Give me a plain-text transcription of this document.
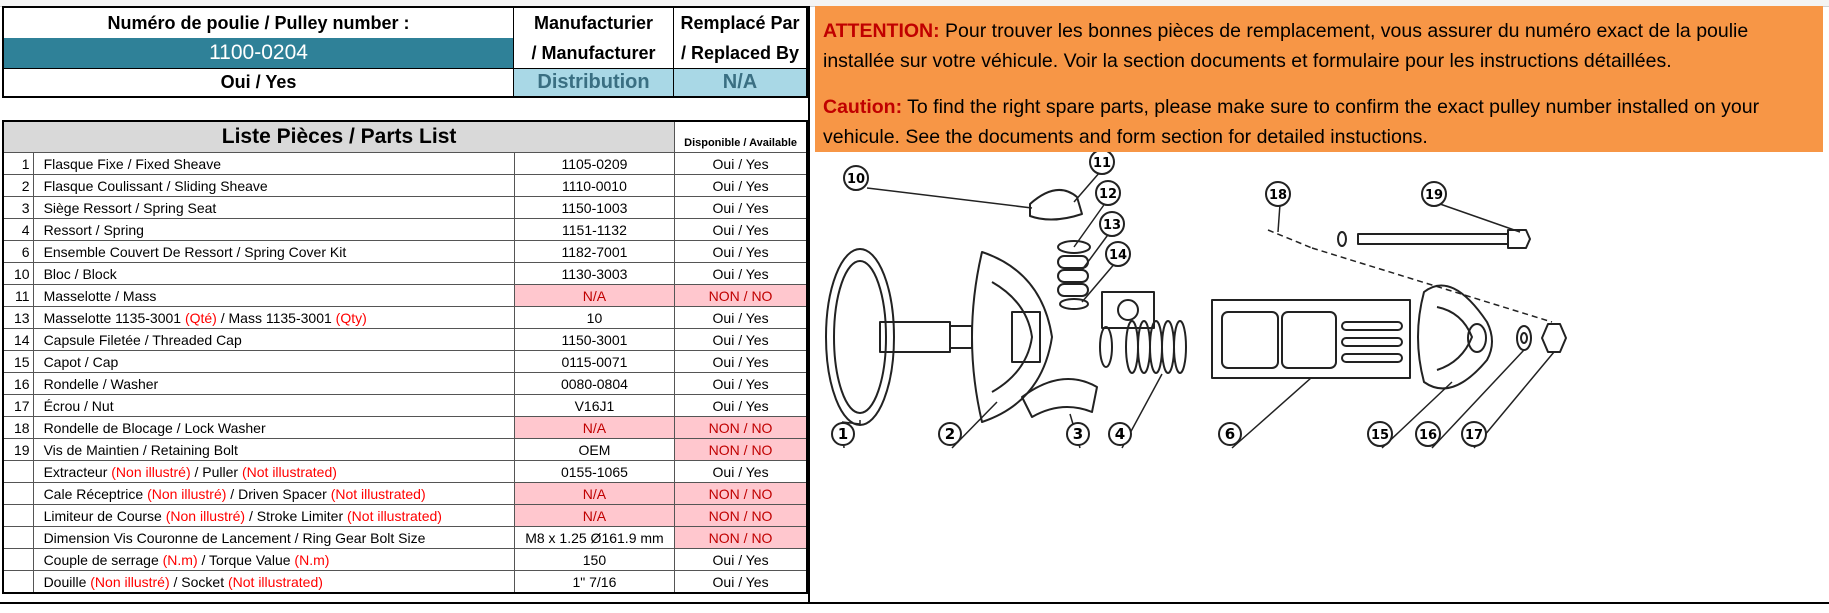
Numéro de poulie / Pulley number :	Manufacturier	Remplacé Par
1100-0204	/ Manufacturer	/ Replaced By
Oui / Yes	Distribution	N/A
Liste Pièces / Parts List			Disponible / Available
1	Flasque Fixe / Fixed Sheave	1105-0209	Oui / Yes
2	Flasque Coulissant / Sliding Sheave	1110-0010	Oui / Yes
3	Siège Ressort / Spring Seat	1150-1003	Oui / Yes
4	Ressort / Spring	1151-1132	Oui / Yes
6	Ensemble Couvert De Ressort / Spring Cover Kit	1182-7001	Oui / Yes
10	Bloc / Block	1130-3003	Oui / Yes
11	Masselotte / Mass	N/A	NON / NO
13	Masselotte 1135-3001 (Qté) / Mass 1135-3001 (Qty)	10	Oui / Yes
14	Capsule Filetée / Threaded Cap	1150-3001	Oui / Yes
15	Capot / Cap	0115-0071	Oui / Yes
16	Rondelle / Washer	0080-0804	Oui / Yes
17	Écrou / Nut	V16J1	Oui / Yes
18	Rondelle de Blocage / Lock Washer	N/A	NON / NO
19	Vis de Maintien / Retaining Bolt	OEM	NON / NO
	Extracteur (Non illustré) / Puller (Not illustrated)	0155-1065	Oui / Yes
	Cale Réceptrice (Non illustré) / Driven Spacer (Not illustrated)	N/A	NON / NO
	Limiteur de Course (Non illustré) / Stroke Limiter (Not illustrated)	N/A	NON / NO
	Dimension Vis Couronne de Lancement / Ring Gear Bolt Size	M8 x 1.25 Ø161.9 mm	NON / NO
	Couple de serrage (N.m) / Torque Value (N.m)	150	Oui / Yes
	Douille (Non illustré) / Socket (Not illustrated)	1" 7/16	Oui / Yes

ATTENTION: Pour trouver les bonnes pièces de remplacement, vous assurer du numéro exact de la poulie installée sur votre véhicule. Voir la section documents et formulaire pour les instructions détaillées.

Caution: To find the right spare parts, please make sure to confirm the exact pulley number installed on your vehicule. See the documents and form section for detailed instuctions.

1	2	3 4	6
10
11
12
13
14
15 16 17
18	19
